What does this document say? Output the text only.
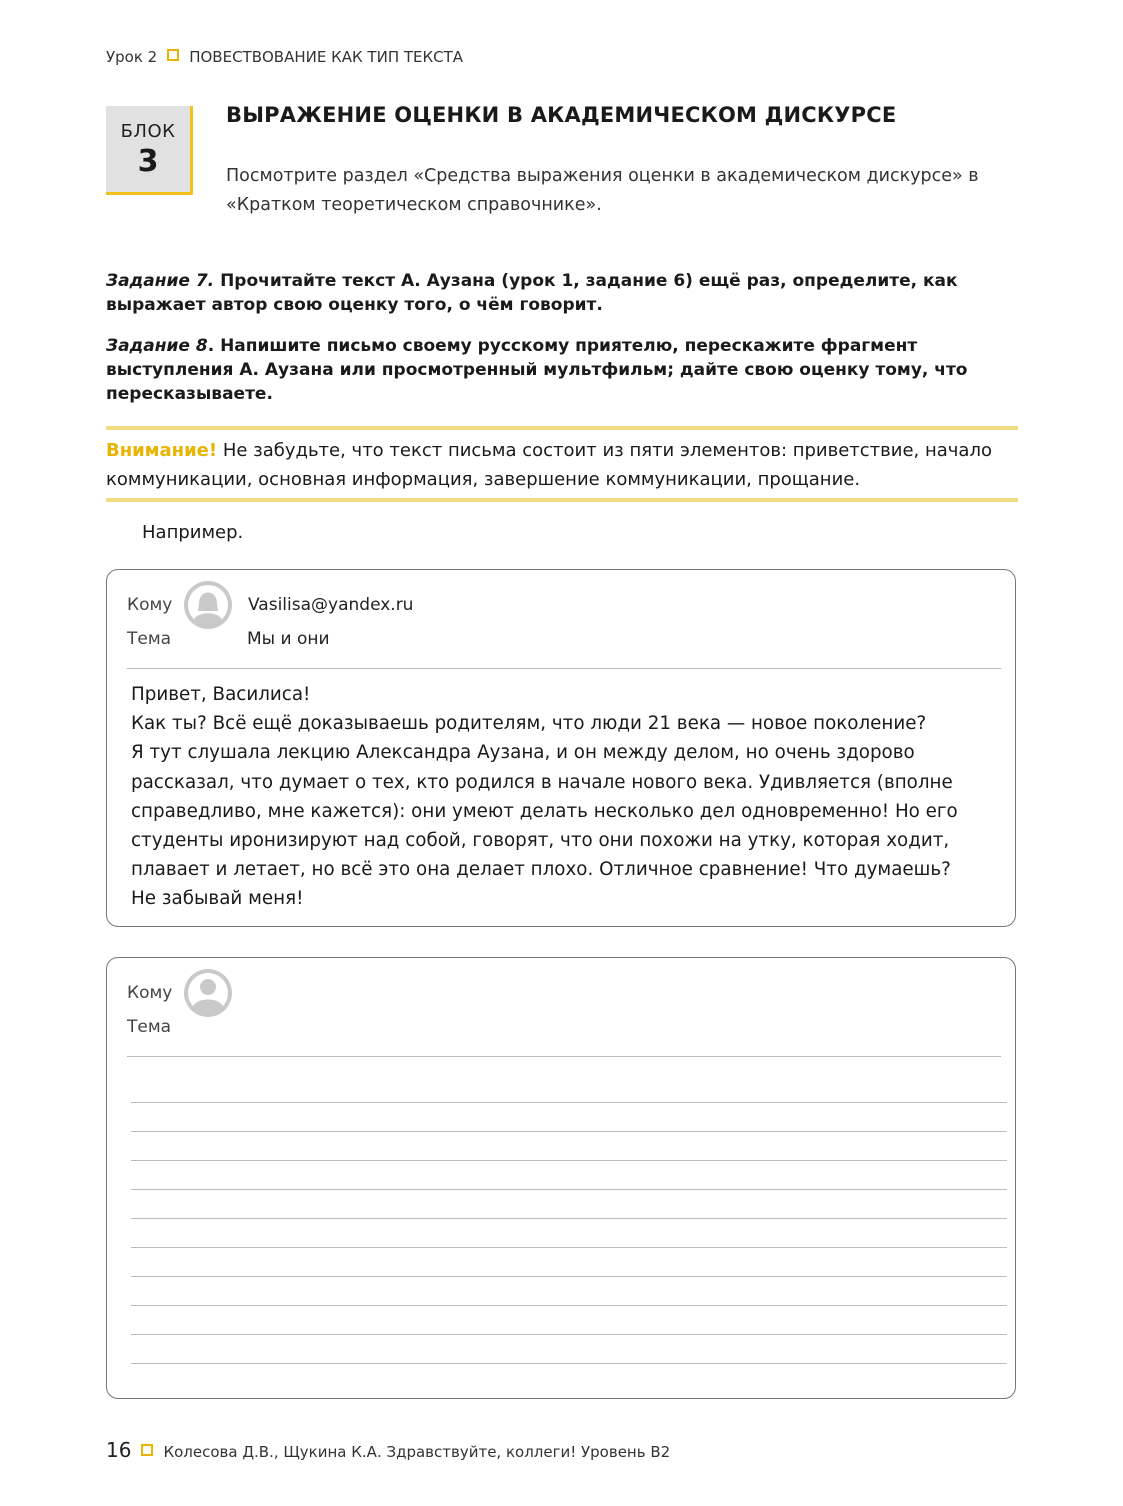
Урок 2 ПОВЕСТВОВАНИЕ КАК ТИП ТЕКСТА
БЛОК
3
ВЫРАЖЕНИЕ ОЦЕНКИ В АКАДЕМИЧЕСКОМ ДИСКУРСЕ
Посмотрите раздел «Средства выражения оценки в академическом дискурсе» в «Кратком теоретическом справочнике».
Задание 7. Прочитайте текст А. Аузана (урок 1, задание 6) ещё раз, определите, как выражает автор свою оценку того, о чём говорит.
Задание 8. Напишите письмо своему русскому приятелю, перескажите фрагмент выступления А. Аузана или просмотренный мультфильм; дайте свою оценку тому, что пересказываете.
Внимание! Не забудьте, что текст письма состоит из пяти элементов: приветствие, начало коммуникации, основная информация, завершение коммуникации, прощание.
Например.
Кому	Vasilisa@yandex.ru
Тема	Мы и они
Привет, Василиса!
Как ты? Всё ещё доказываешь родителям, что люди 21 века — новое поколение?
Я тут слушала лекцию Александра Аузана, и он между делом, но очень здорово
рассказал, что думает о тех, кто родился в начале нового века. Удивляется (вполне
справедливо, мне кажется): они умеют делать несколько дел одновременно! Но его
студенты иронизируют над собой, говорят, что они похожи на утку, которая ходит,
плавает и летает, но всё это она делает плохо. Отличное сравнение! Что думаешь?
Не забывай меня!
Кому
Тема
16 Колесова Д.В., Щукина К.А. Здравствуйте, коллеги! Уровень В2
